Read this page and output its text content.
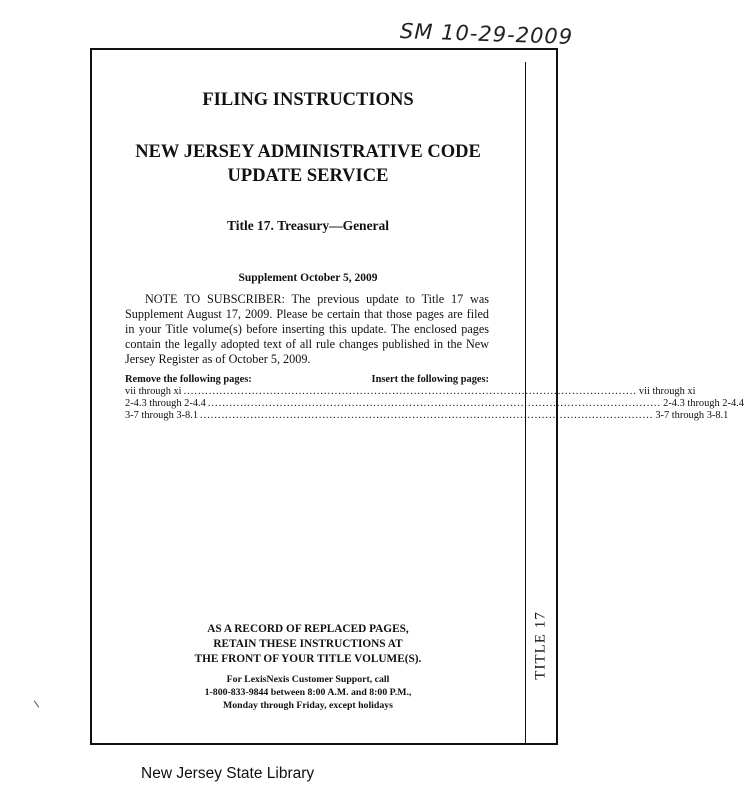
SM 10-29-2009
TITLE 17
FILING INSTRUCTIONS
NEW JERSEY ADMINISTRATIVE CODE
UPDATE SERVICE
Title 17. Treasury—General
Supplement October 5, 2009

NOTE TO SUBSCRIBER: The previous update to Title 17 was Supplement August 17, 2009. Please be certain that those pages are filed in your Title volume(s) before inserting this update. The enclosed pages contain the legally adopted text of all rule changes published in the New Jersey Register as of October 5, 2009.

Remove the following pages:	Insert the following pages:
vii through xi .............................................................................................................................. vii through xi
2-4.3 through 2-4.4 .............................................................................................................................. 2-4.3 through 2-4.4
3-7 through 3-8.1 .............................................................................................................................. 3-7 through 3-8.1
AS A RECORD OF REPLACED PAGES,
RETAIN THESE INSTRUCTIONS AT
THE FRONT OF YOUR TITLE VOLUME(S).
For LexisNexis Customer Support, call
1-800-833-9844 between 8:00 A.M. and 8:00 P.M.,
Monday through Friday, except holidays
New Jersey State Library
